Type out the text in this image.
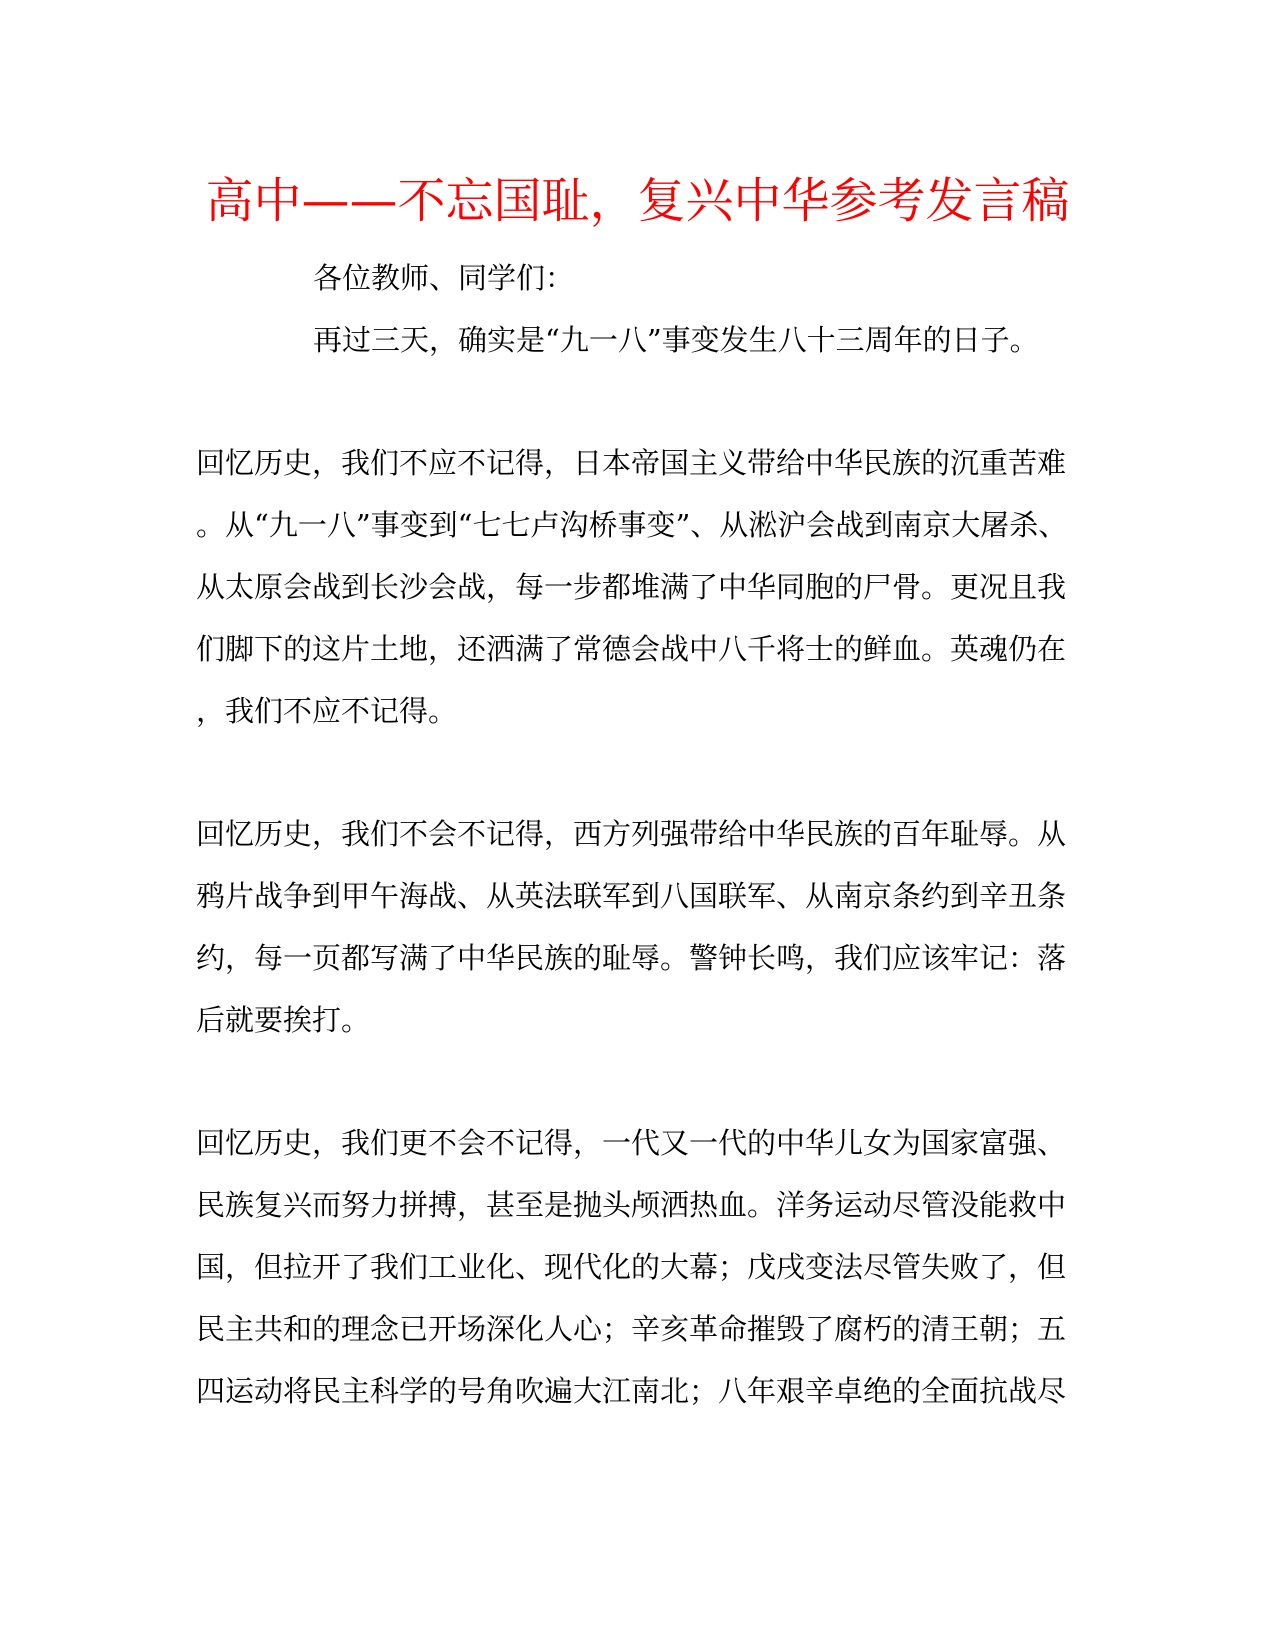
高中——不忘国耻，复兴中华参考发言稿

各位教师、同学们：

再过三天，确实是“九一八”事变发生八十三周年的日子。

回忆历史，我们不应不记得，日本帝国主义带给中华民族的沉重苦难

。从“九一八”事变到“七七卢沟桥事变”、从淞沪会战到南京大屠杀、

从太原会战到长沙会战，每一步都堆满了中华同胞的尸骨。更况且我

们脚下的这片土地，还洒满了常德会战中八千将士的鲜血。英魂仍在

，我们不应不记得。

回忆历史，我们不会不记得，西方列强带给中华民族的百年耻辱。从

鸦片战争到甲午海战、从英法联军到八国联军、从南京条约到辛丑条

约，每一页都写满了中华民族的耻辱。警钟长鸣，我们应该牢记：落

后就要挨打。

回忆历史，我们更不会不记得，一代又一代的中华儿女为国家富强、

民族复兴而努力拼搏，甚至是抛头颅洒热血。洋务运动尽管没能救中

国，但拉开了我们工业化、现代化的大幕；戊戌变法尽管失败了，但

民主共和的理念已开场深化人心；辛亥革命摧毁了腐朽的清王朝；五

四运动将民主科学的号角吹遍大江南北；八年艰辛卓绝的全面抗战尽
